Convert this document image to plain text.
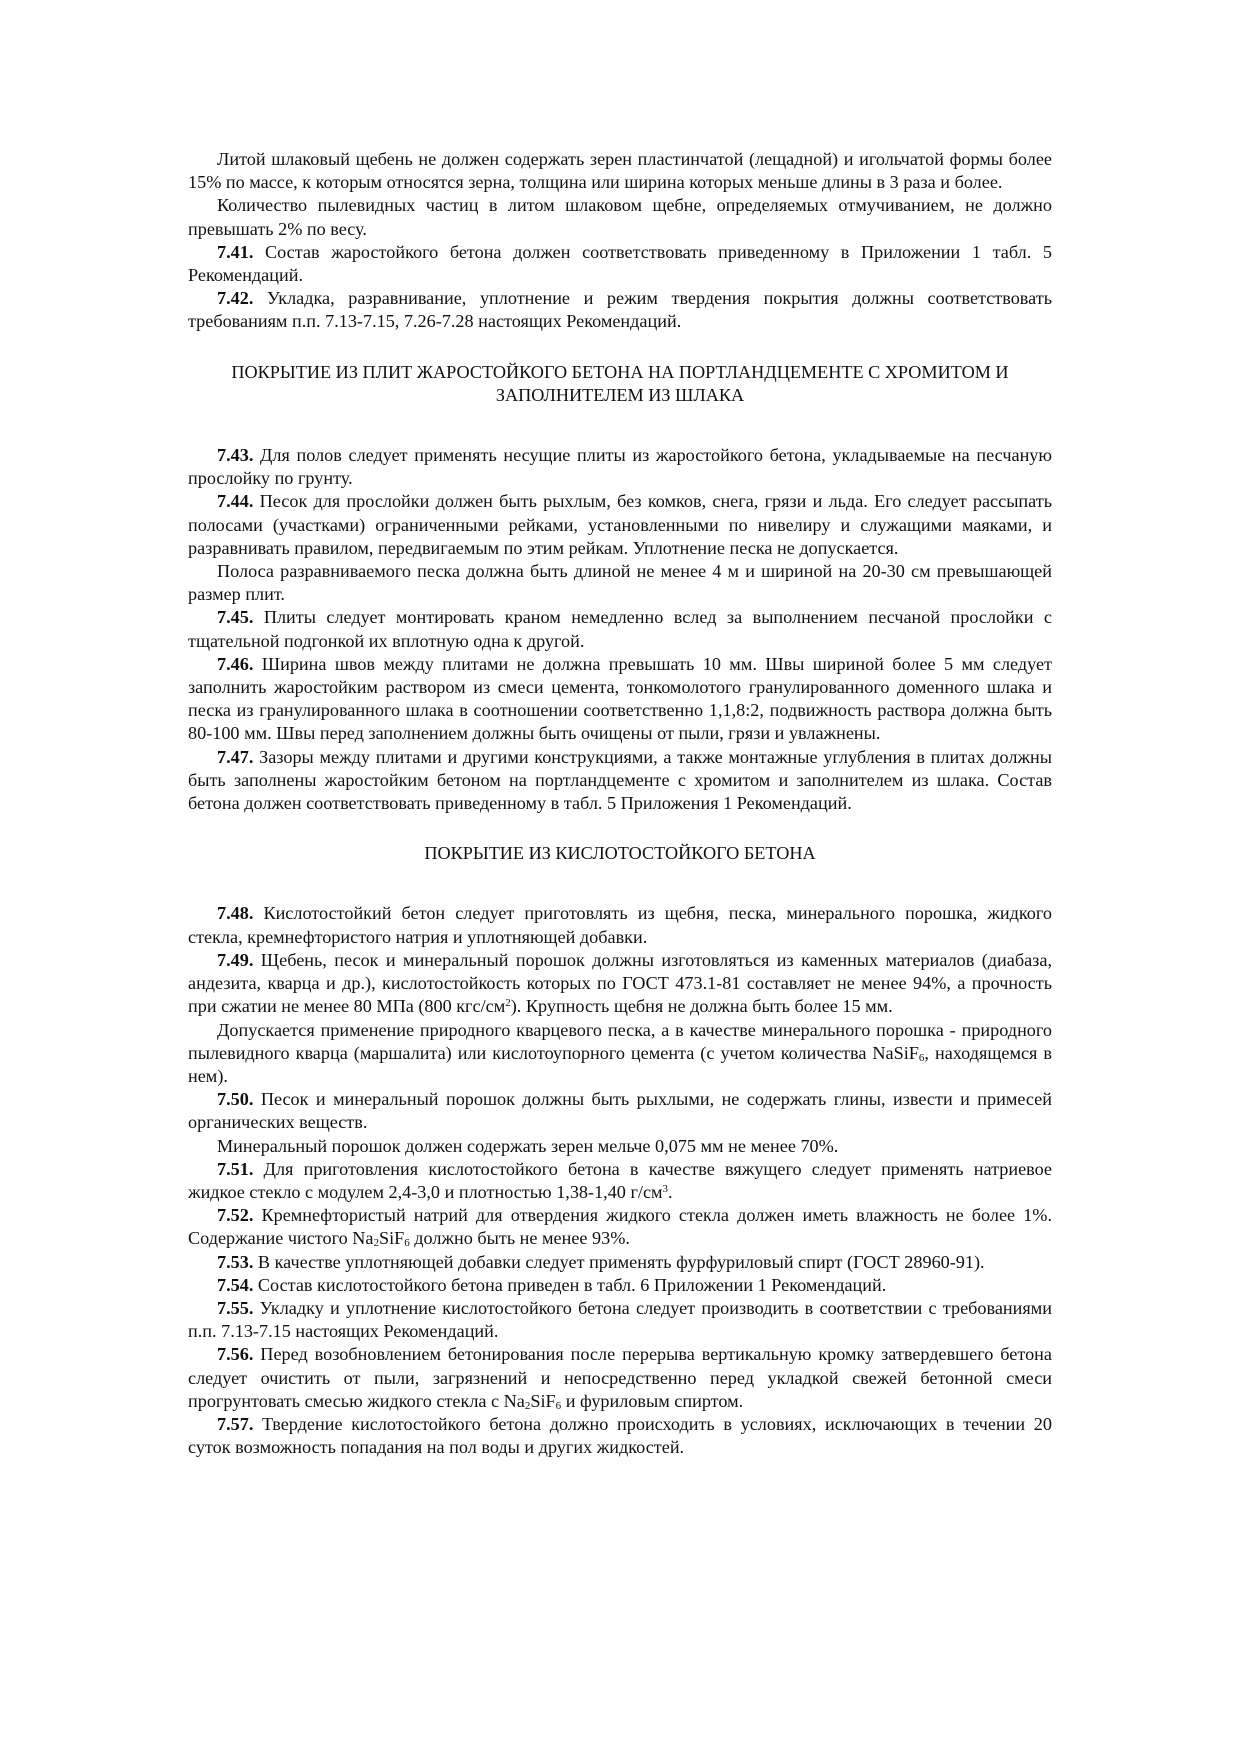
Литой шлаковый щебень не должен содержать зерен пластинчатой (лещадной) и игольчатой формы более 15% по массе, к которым относятся зерна, толщина или ширина которых меньше длины в 3 раза и более.

Количество пылевидных частиц в литом шлаковом щебне, определяемых отмучиванием, не должно превышать 2% по весу.

7.41. Состав жаростойкого бетона должен соответствовать приведенному в Приложении 1 табл. 5 Рекомендаций.

7.42. Укладка, разравнивание, уплотнение и режим твердения покрытия должны соответствовать требованиям п.п. 7.13-7.15, 7.26-7.28 настоящих Рекомендаций.

ПОКРЫТИЕ ИЗ ПЛИТ ЖАРОСТОЙКОГО БЕТОНА НА ПОРТЛАНДЦЕМЕНТЕ С ХРОМИТОМ И ЗАПОЛНИТЕЛЕМ ИЗ ШЛАКА

7.43. Для полов следует применять несущие плиты из жаростойкого бетона, укладываемые на песчаную прослойку по грунту.

7.44. Песок для прослойки должен быть рыхлым, без комков, снега, грязи и льда. Его следует рассыпать полосами (участками) ограниченными рейками, установленными по нивелиру и служащими маяками, и разравнивать правилом, передвигаемым по этим рейкам. Уплотнение песка не допускается.

Полоса разравниваемого песка должна быть длиной не менее 4 м и шириной на 20-30 см превышающей размер плит.

7.45. Плиты следует монтировать краном немедленно вслед за выполнением песчаной прослойки с тщательной подгонкой их вплотную одна к другой.

7.46. Ширина швов между плитами не должна превышать 10 мм. Швы шириной более 5 мм следует заполнить жаростойким раствором из смеси цемента, тонкомолотого гранулированного доменного шлака и песка из гранулированного шлака в соотношении соответственно 1,1,8:2, подвижность раствора должна быть 80-100 мм. Швы перед заполнением должны быть очищены от пыли, грязи и увлажнены.

7.47. Зазоры между плитами и другими конструкциями, а также монтажные углубления в плитах должны быть заполнены жаростойким бетоном на портландцементе с хромитом и заполнителем из шлака. Состав бетона должен соответствовать приведенному в табл. 5 Приложения 1 Рекомендаций.

ПОКРЫТИЕ ИЗ КИСЛОТОСТОЙКОГО БЕТОНА

7.48. Кислотостойкий бетон следует приготовлять из щебня, песка, минерального порошка, жидкого стекла, кремнефтористого натрия и уплотняющей добавки.

7.49. Щебень, песок и минеральный порошок должны изготовляться из каменных материалов (диабаза, андезита, кварца и др.), кислотостойкость которых по ГОСТ 473.1-81 составляет не менее 94%, а прочность при сжатии не менее 80 МПа (800 кгс/$см^2$). Крупность щебня не должна быть более 15 мм.

Допускается применение природного кварцевого песка, а в качестве минерального порошка - природного пылевидного кварца (маршалита) или кислотоупорного цемента (с учетом количества NaSiF$_6$, находящемся в нем).

7.50. Песок и минеральный порошок должны быть рыхлыми, не содержать глины, извести и примесей органических веществ.

Минеральный порошок должен содержать зерен мельче 0,075 мм не менее 70%.

7.51. Для приготовления кислотостойкого бетона в качестве вяжущего следует применять натриевое жидкое стекло с модулем 2,4-3,0 и плотностью 1,38-1,40 $г/см^3$.

7.52. Кремнефтористый натрий для отвердения жидкого стекла должен иметь влажность не более 1%. Содержание чистого $Na_2SiF_6$ должно быть не менее 93%.

7.53. В качестве уплотняющей добавки следует применять фурфуриловый спирт (ГОСТ 28960-91).

7.54. Состав кислотостойкого бетона приведен в табл. 6 Приложении 1 Рекомендаций.

7.55. Укладку и уплотнение кислотостойкого бетона следует производить в соответствии с требованиями п.п. 7.13-7.15 настоящих Рекомендаций.

7.56. Перед возобновлением бетонирования после перерыва вертикальную кромку затвердевшего бетона следует очистить от пыли, загрязнений и непосредственно перед укладкой свежей бетонной смеси прогрунтовать смесью жидкого стекла с $Na_2SiF_6$ и фуриловым спиртом.

7.57. Твердение кислотостойкого бетона должно происходить в условиях, исключающих в течении 20 суток возможность попадания на пол воды и других жидкостей.
